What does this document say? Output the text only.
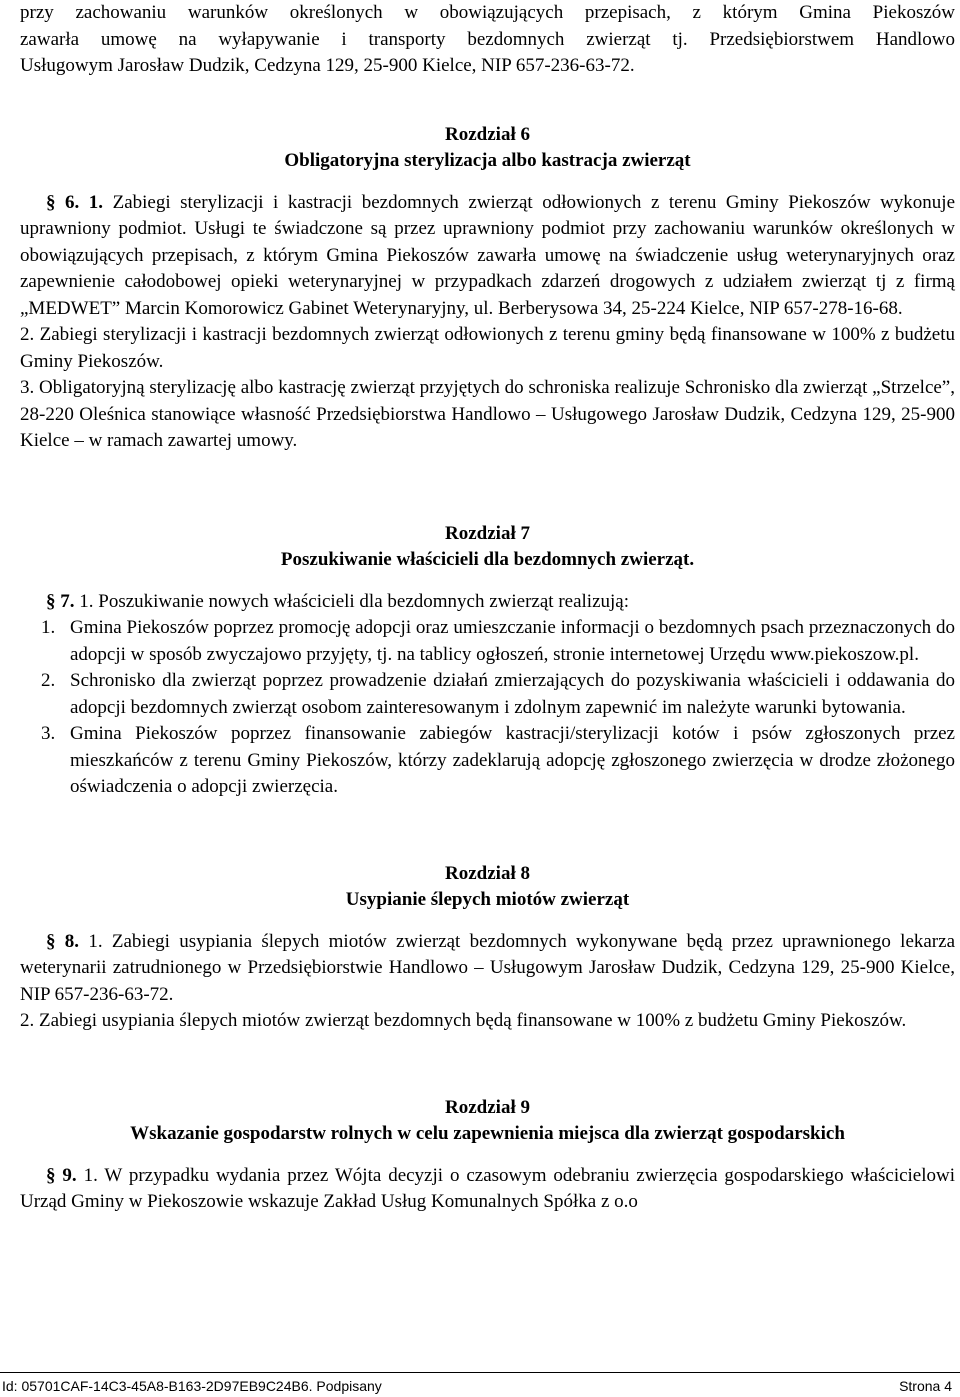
przy zachowaniu warunków określonych w obowiązujących przepisach, z którym Gmina Piekoszów

zawarła umowę na wyłapywanie i transporty bezdomnych zwierząt tj. Przedsiębiorstwem Handlowo

Usługowym Jarosław Dudzik, Cedzyna 129, 25-900 Kielce, NIP 657-236-63-72.

Rozdział 6
Obligatoryjna sterylizacja albo kastracja zwierząt

§ 6. 1. Zabiegi sterylizacji i kastracji bezdomnych zwierząt odłowionych z terenu Gminy Piekoszów wykonuje uprawniony podmiot. Usługi te świadczone są przez uprawniony podmiot przy zachowaniu warunków określonych w obowiązujących przepisach, z którym Gmina Piekoszów zawarła umowę na świadczenie usług weterynaryjnych oraz zapewnienie całodobowej opieki weterynaryjnej w przypadkach zdarzeń drogowych z udziałem zwierząt tj z firmą „MEDWET” Marcin Komorowicz Gabinet Weterynaryjny, ul. Berberysowa 34, 25-224 Kielce, NIP 657-278-16-68.

2. Zabiegi sterylizacji i kastracji bezdomnych zwierząt odłowionych z terenu gminy będą finansowane w 100% z budżetu Gminy Piekoszów.

3. Obligatoryjną sterylizację albo kastrację zwierząt przyjętych do schroniska realizuje Schronisko dla zwierząt „Strzelce”, 28-220 Oleśnica stanowiące własność Przedsiębiorstwa Handlowo – Usługowego Jarosław Dudzik, Cedzyna 129, 25-900 Kielce – w ramach zawartej umowy.

Rozdział 7
Poszukiwanie właścicieli dla bezdomnych zwierząt.

§ 7. 1. Poszukiwanie nowych właścicieli dla bezdomnych zwierząt realizują:

1. Gmina Piekoszów poprzez promocję adopcji oraz umieszczanie informacji o bezdomnych psach przeznaczonych do adopcji w sposób zwyczajowo przyjęty, tj. na tablicy ogłoszeń, stronie internetowej Urzędu www.piekoszow.pl.
2. Schronisko dla zwierząt poprzez prowadzenie działań zmierzających do pozyskiwania właścicieli i oddawania do adopcji bezdomnych zwierząt osobom zainteresowanym i zdolnym zapewnić im należyte warunki bytowania.
3. Gmina Piekoszów poprzez finansowanie zabiegów kastracji/sterylizacji kotów i psów zgłoszonych przez mieszkańców z terenu Gminy Piekoszów, którzy zadeklarują adopcję zgłoszonego zwierzęcia w drodze złożonego oświadczenia o adopcji zwierzęcia.
Rozdział 8
Usypianie ślepych miotów zwierząt

§ 8. 1. Zabiegi usypiania ślepych miotów zwierząt bezdomnych wykonywane będą przez uprawnionego lekarza weterynarii zatrudnionego w Przedsiębiorstwie Handlowo – Usługowym Jarosław Dudzik, Cedzyna 129, 25-900 Kielce, NIP 657-236-63-72.

2. Zabiegi usypiania ślepych miotów zwierząt bezdomnych będą finansowane w 100% z budżetu Gminy Piekoszów.

Rozdział 9
Wskazanie gospodarstw rolnych w celu zapewnienia miejsca dla zwierząt gospodarskich

§ 9. 1. W przypadku wydania przez Wójta decyzji o czasowym odebraniu zwierzęcia gospodarskiego właścicielowi Urząd Gminy w Piekoszowie wskazuje Zakład Usług Komunalnych Spółka z o.o

Id: 05701CAF-14C3-45A8-B163-2D97EB9C24B6. Podpisany	Strona 4
